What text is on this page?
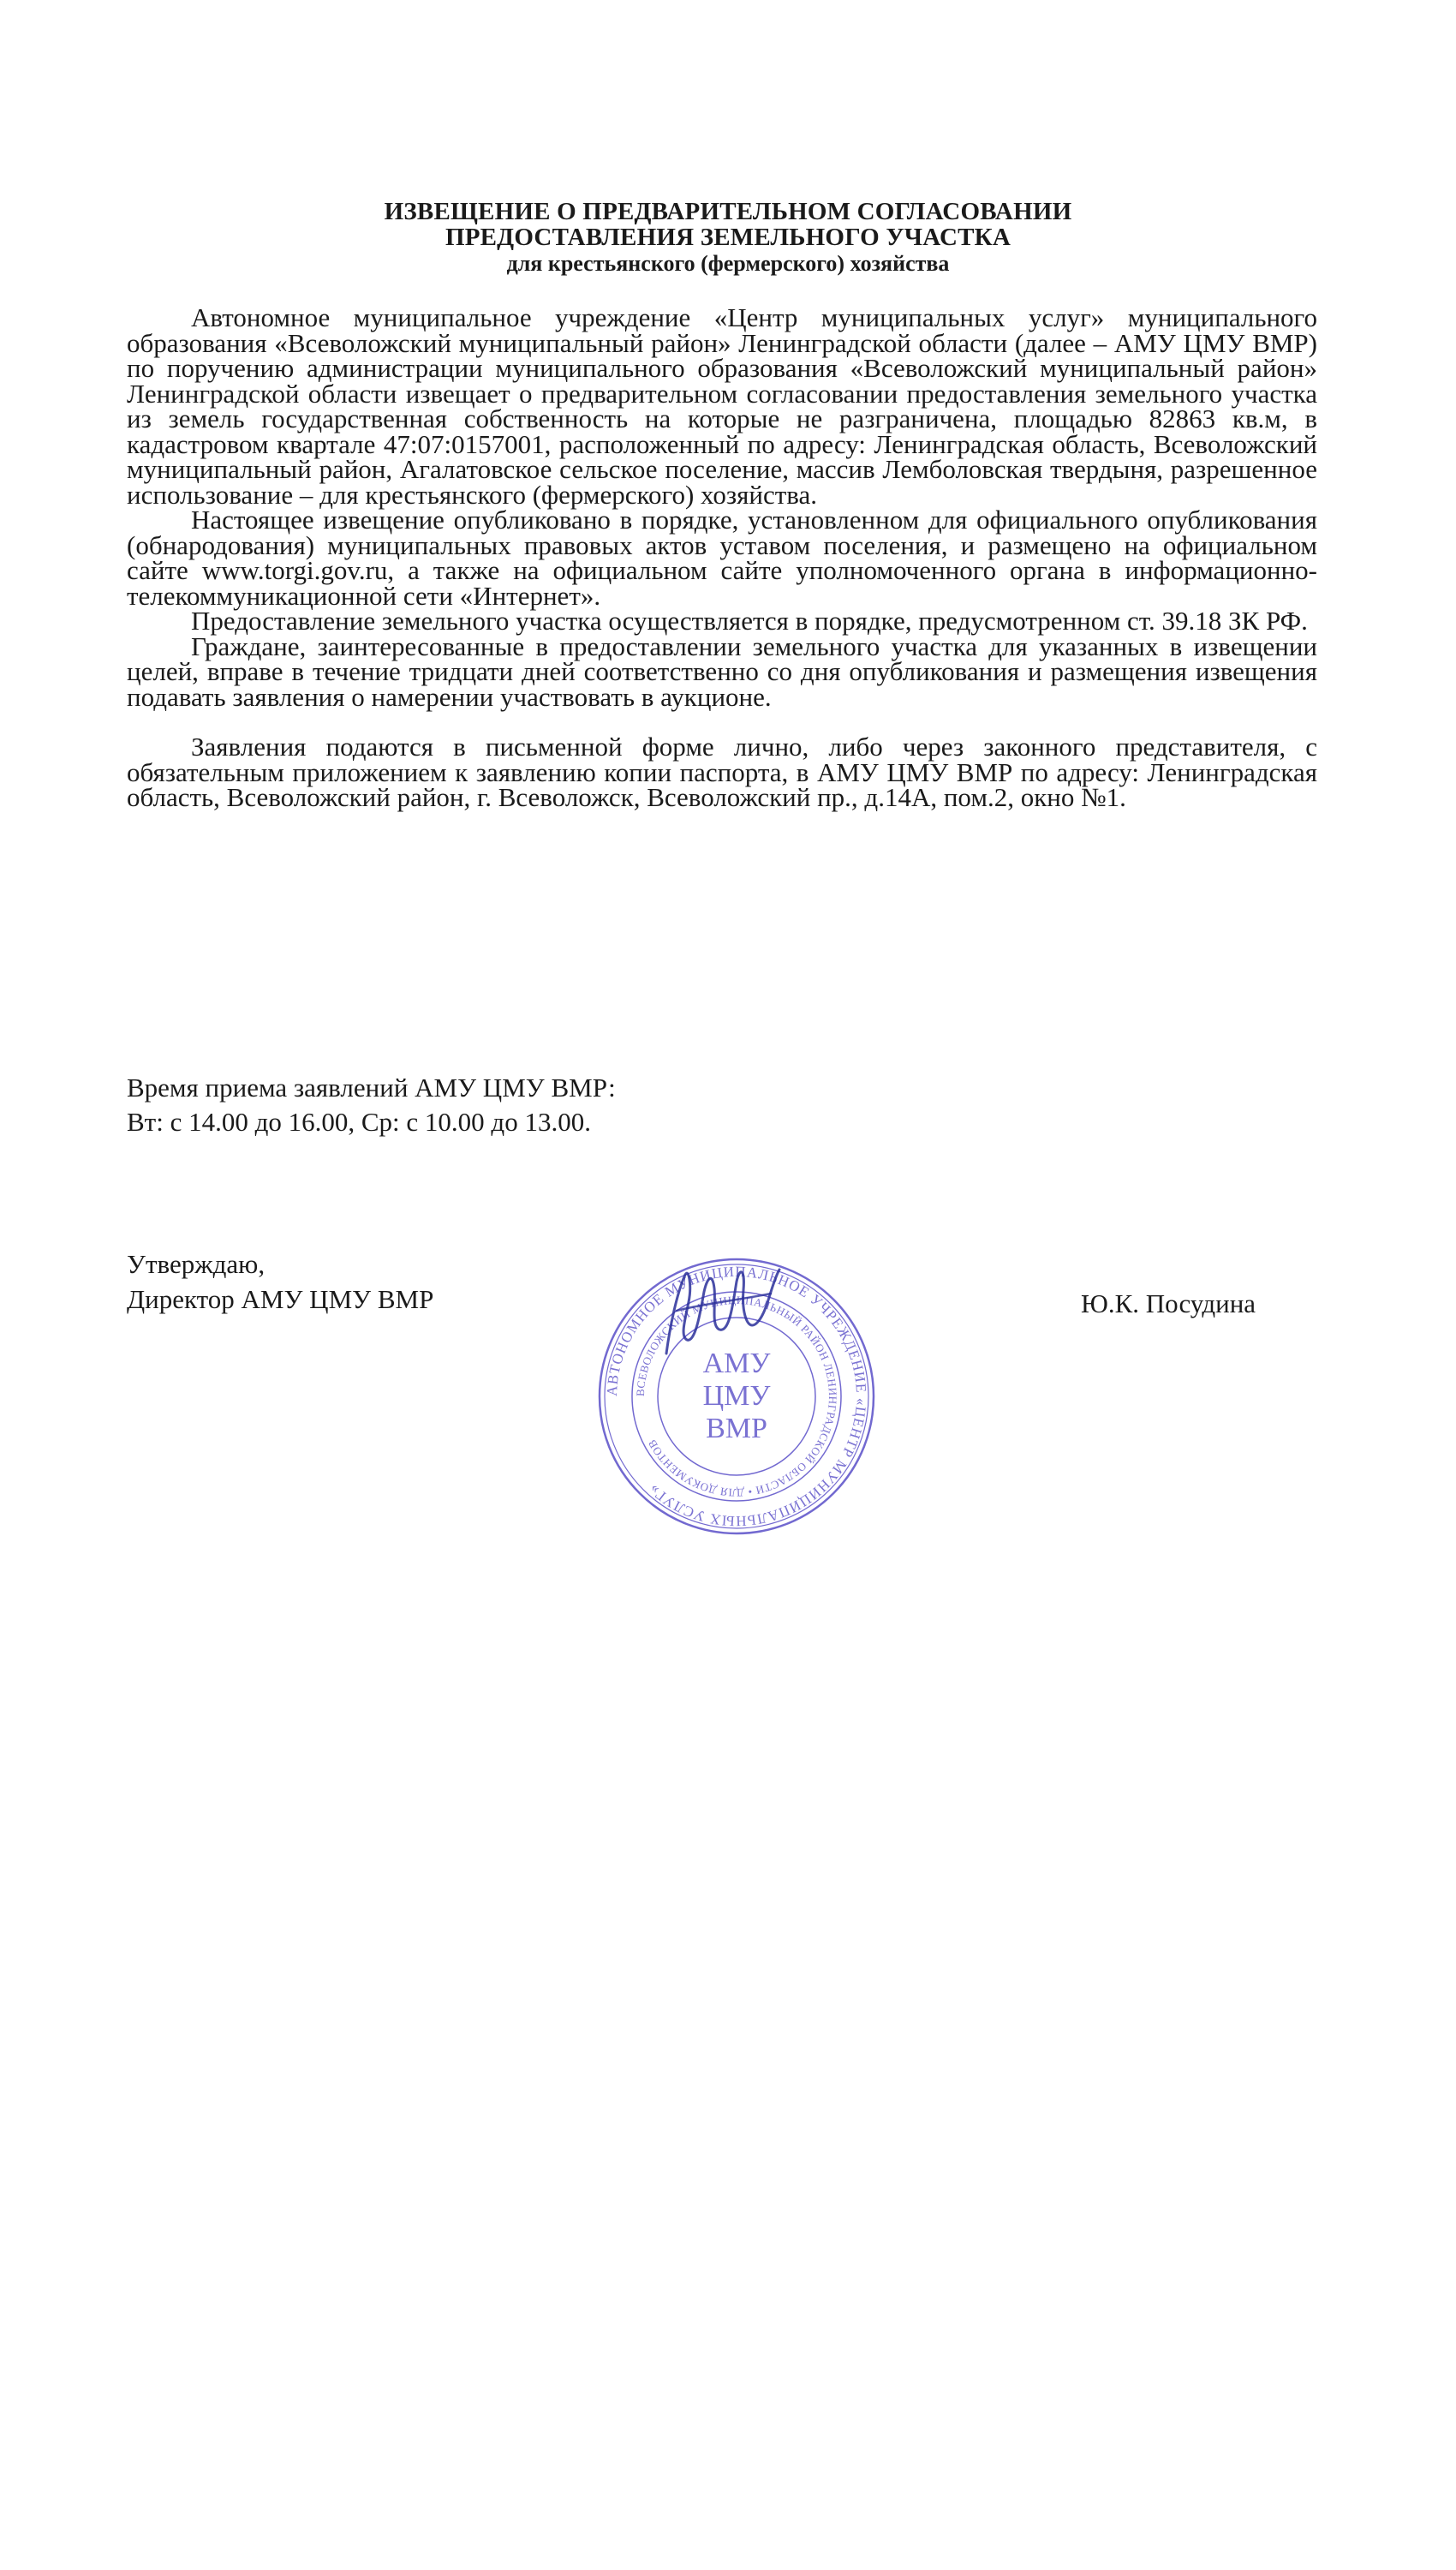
ИЗВЕЩЕНИЕ О ПРЕДВАРИТЕЛЬНОМ СОГЛАСОВАНИИ
ПРЕДОСТАВЛЕНИЯ ЗЕМЕЛЬНОГО УЧАСТКА
для крестьянского (фермерского) хозяйства

Автономное муниципальное учреждение «Центр муниципальных услуг» муниципального образования «Всеволожский муниципальный район» Ленинградской области (далее – АМУ ЦМУ ВМР) по поручению администрации муниципального образования «Всеволожский муниципальный район» Ленинградской области извещает о предварительном согласовании предоставления земельного участка из земель государственная собственность на которые не разграничена, площадью 82863 кв.м, в кадастровом квартале 47:07:0157001, расположенный по адресу: Ленинградская область, Всеволожский муниципальный район, Агалатовское сельское поселение, массив Лемболовская твердыня, разрешенное использование – для крестьянского (фермерского) хозяйства.

Настоящее извещение опубликовано в порядке, установленном для официального опубликования (обнародования) муниципальных правовых актов уставом поселения, и размещено на официальном сайте www.torgi.gov.ru, а также на официальном сайте уполномоченного органа в информационно-телекоммуникационной сети «Интернет».

Предоставление земельного участка осуществляется в порядке, предусмотренном ст. 39.18 ЗК РФ.

Граждане, заинтересованные в предоставлении земельного участка для указанных в извещении целей, вправе в течение тридцати дней соответственно со дня опубликования и размещения извещения подавать заявления о намерении участвовать в аукционе.

Заявления подаются в письменной форме лично, либо через законного представителя, с обязательным приложением к заявлению копии паспорта, в АМУ ЦМУ ВМР по адресу: Ленинградская область, Всеволожский район, г. Всеволожск, Всеволожский пр., д.14А, пом.2, окно №1.

Время приема заявлений АМУ ЦМУ ВМР:
Вт: с 14.00 до 16.00, Ср: с 10.00 до 13.00.
Утверждаю,
Директор АМУ ЦМУ ВМР	Ю.К. Посудина
АВТОНОМНОЕ МУНИЦИПАЛЬНОЕ УЧРЕЖДЕНИЕ «ЦЕНТР МУНИЦИПАЛЬНЫХ УСЛУГ»
ВСЕВОЛОЖСКИЙ МУНИЦИПАЛЬНЫЙ РАЙОН ЛЕНИНГРАДСКОЙ ОБЛАСТИ • ДЛЯ ДОКУМЕНТОВ
АМУ
ЦМУ
ВМР
